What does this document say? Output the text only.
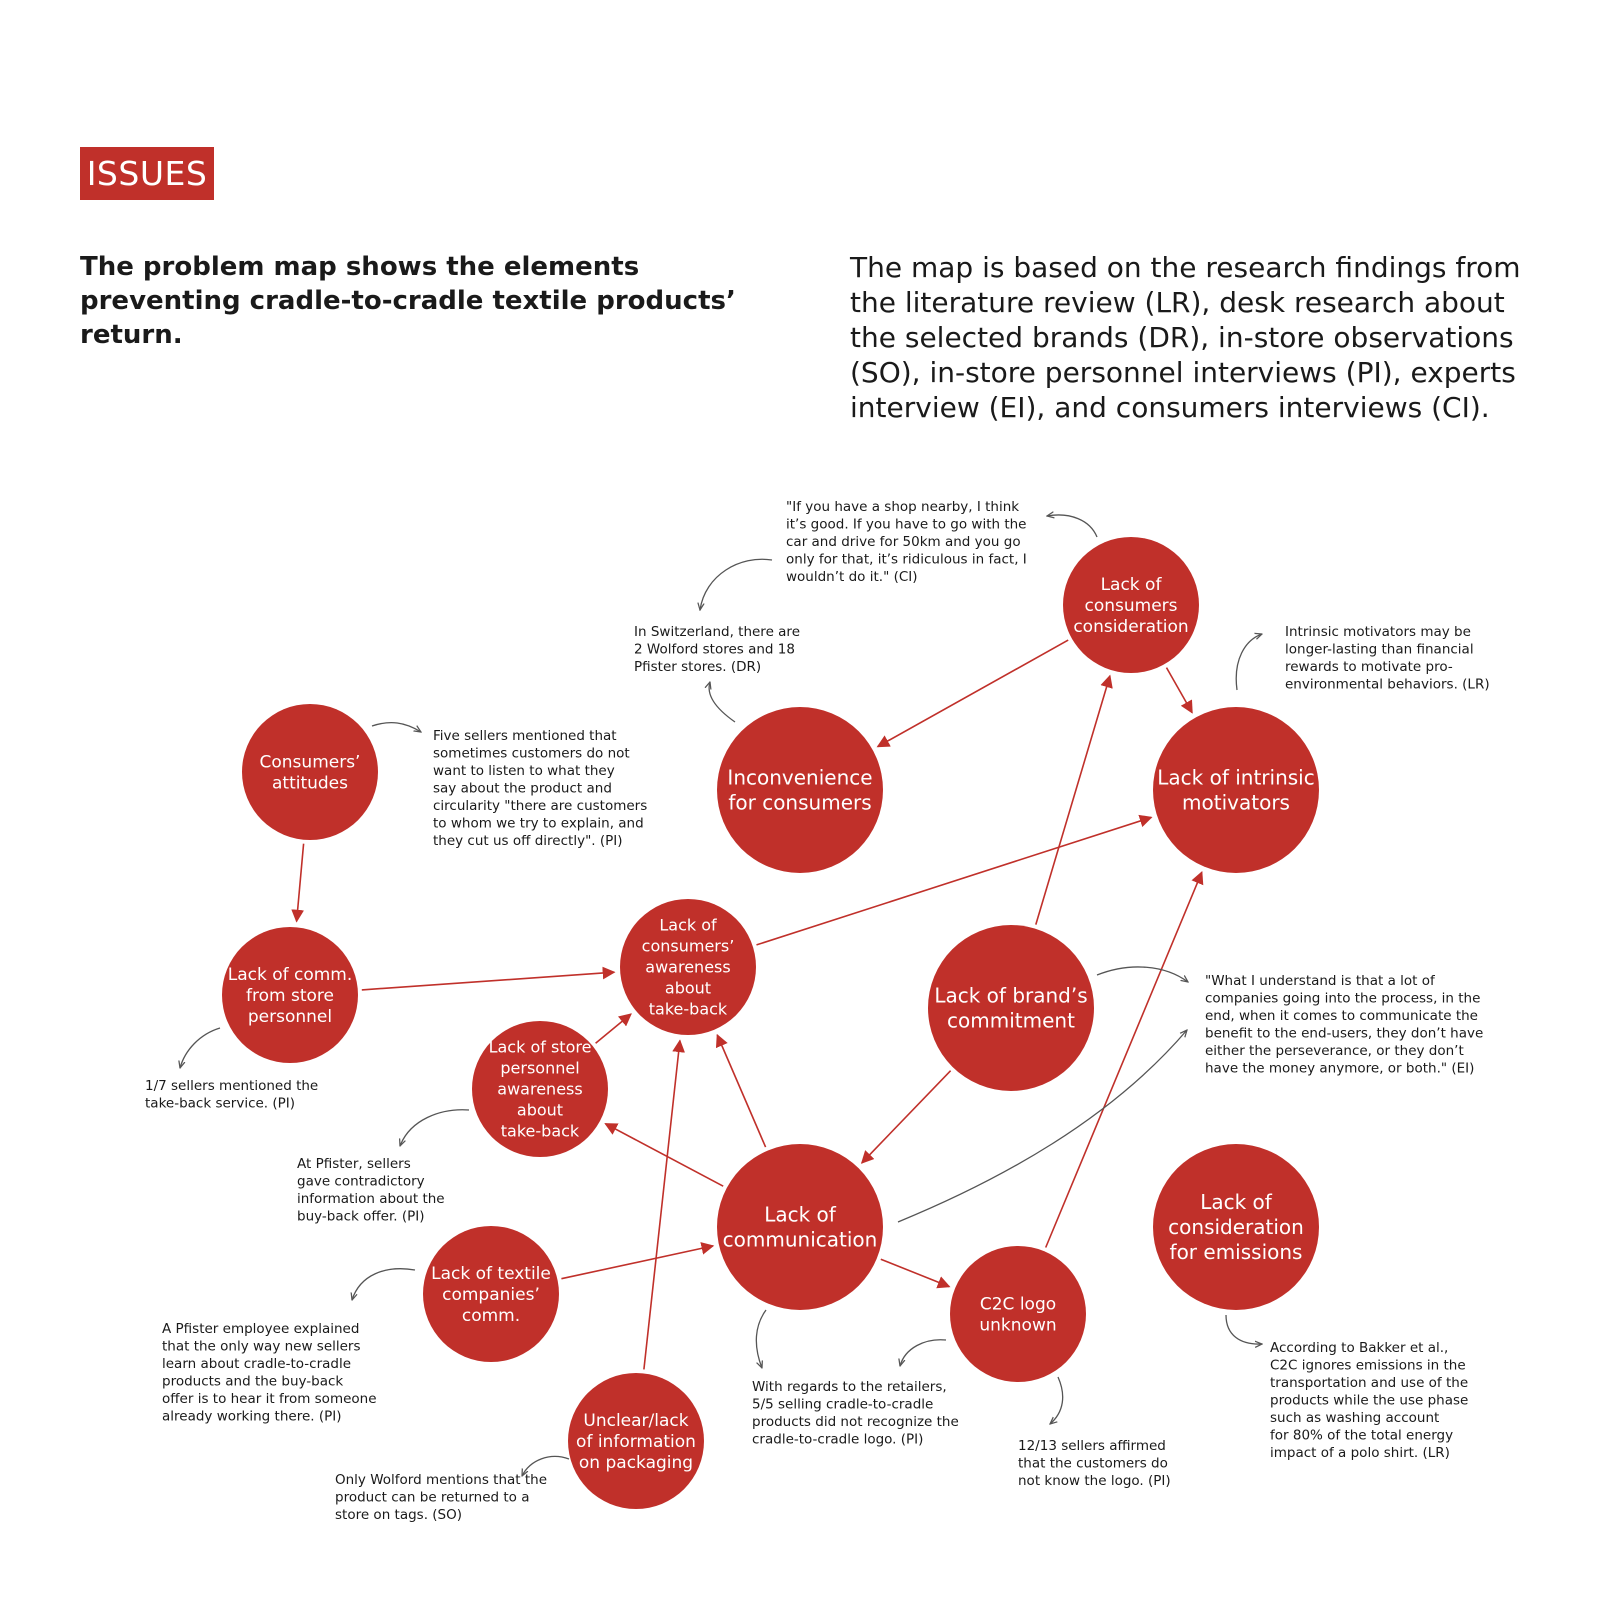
ISSUES

The problem map shows the elements preventing cradle-to-cradle textile products’ return.

The map is based on the research findings from the literature review (LR), desk research about the selected brands (DR), in-store observations (SO), in-store personnel interviews (PI), experts interview (EI), and consumers interviews (CI).

Consumers’
attitudes	Inconvenience
for consumers
Lack of
consumers
consideration
Lack of intrinsic
motivators
Lack of comm.
from store
personnel
Lack of
consumers’
awareness
about
take-back
Lack of brand’s
commitment
Lack of store
personnel
awareness
about
take-back
Lack of
communication
Lack of textile
companies’
comm.
C2C logo
unknown
Lack of
consideration
for emissions
Unclear/lack
of information
on packaging
"If you have a shop nearby, I think
it’s good. If you have to go with the
car and drive for 50km and you go
only for that, it’s ridiculous in fact, I
wouldn’t do it." (CI)
In Switzerland, there are
2 Wolford stores and 18
Pfister stores. (DR)
Intrinsic motivators may be
longer-lasting than financial
rewards to motivate pro-
environmental behaviors. (LR)
Five sellers mentioned that
sometimes customers do not
want to listen to what they
say about the product and
circularity "there are customers
to whom we try to explain, and
they cut us off directly". (PI)
1/7 sellers mentioned the
take-back service. (PI)
"What I understand is that a lot of
companies going into the process, in the
end, when it comes to communicate the
benefit to the end-users, they don’t have
either the perseverance, or they don’t
have the money anymore, or both." (EI)
At Pfister, sellers
gave contradictory
information about the
buy-back offer. (PI)
A Pfister employee explained
that the only way new sellers
learn about cradle-to-cradle
products and the buy-back
offer is to hear it from someone
already working there. (PI)
With regards to the retailers,
5/5 selling cradle-to-cradle
products did not recognize the
cradle-to-cradle logo. (PI)	12/13 sellers affirmed
that the customers do
not know the logo. (PI)
According to Bakker et al.,
C2C ignores emissions in the
transportation and use of the
products while the use phase
such as washing account
for 80% of the total energy
impact of a polo shirt. (LR)
Only Wolford mentions that the
product can be returned to a
store on tags. (SO)
